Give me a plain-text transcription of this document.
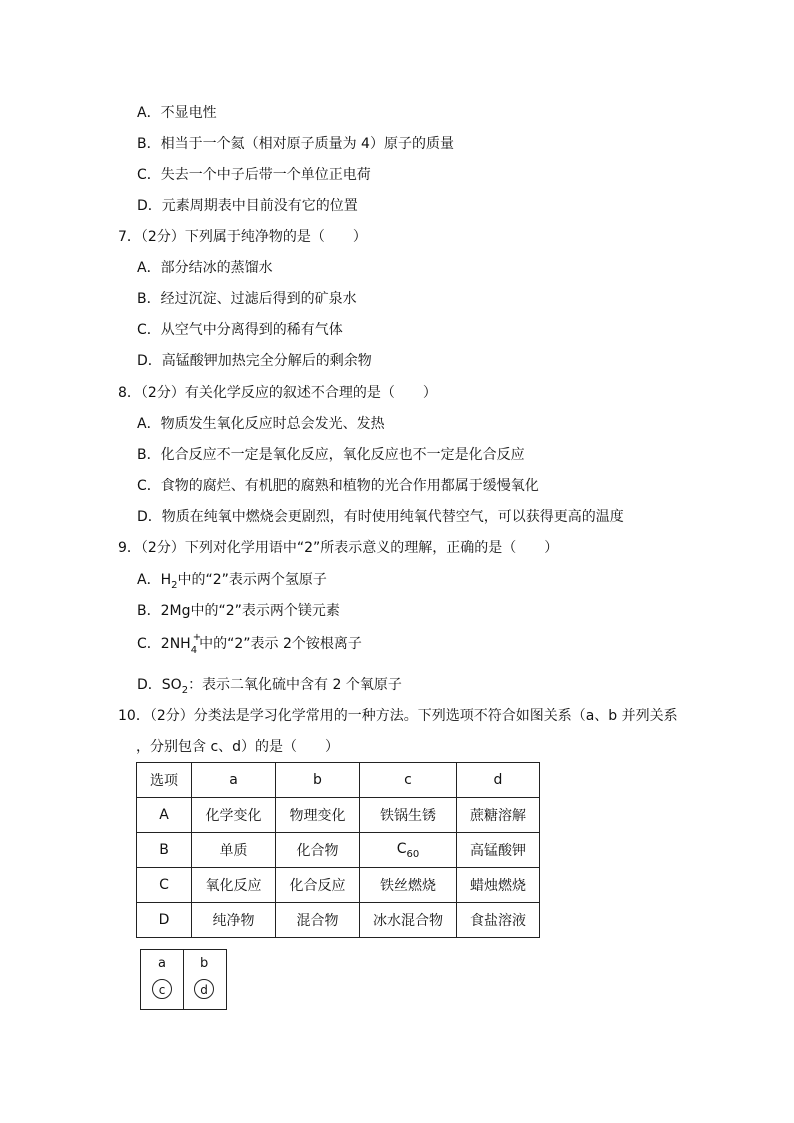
A．不显电性
B．相当于一个氦（相对原子质量为 4）原子的质量
C．失去一个中子后带一个单位正电荷
D．元素周期表中目前没有它的位置
7．（2分）下列属于纯净物的是（　　）
A．部分结冰的蒸馏水
B．经过沉淀、过滤后得到的矿泉水
C．从空气中分离得到的稀有气体
D．高锰酸钾加热完全分解后的剩余物
8．（2分）有关化学反应的叙述不合理的是（　　）
A．物质发生氧化反应时总会发光、发热
B．化合反应不一定是氧化反应，氧化反应也不一定是化合反应
C．食物的腐烂、有机肥的腐熟和植物的光合作用都属于缓慢氧化
D．物质在纯氧中燃烧会更剧烈，有时使用纯氧代替空气，可以获得更高的温度
9．（2分）下列对化学用语中“2”所表示意义的理解，正确的是（　　）
A．$H_2$中的“2”表示两个氢原子
B．2Mg中的“2”表示两个镁元素
C．$2NH_4$
+
中的“2”表示 2个铵根离子
D．$SO_2$：表示二氧化硫中含有 2 个氧原子
10．（2分）分类法是学习化学常用的一种方法。下列选项不符合如图关系（a、b 并列关系
，分别包含 c、d）的是（　　）
选项	a	b	c	d
A	化学变化	物理变化	铁锅生锈	蔗糖溶解
B	单质	化合物	$C_{60}$	高锰酸钾
C	氧化反应	化合反应	铁丝燃烧	蜡烛燃烧
D	纯净物	混合物	冰水混合物	食盐溶液
a	b
c	d
